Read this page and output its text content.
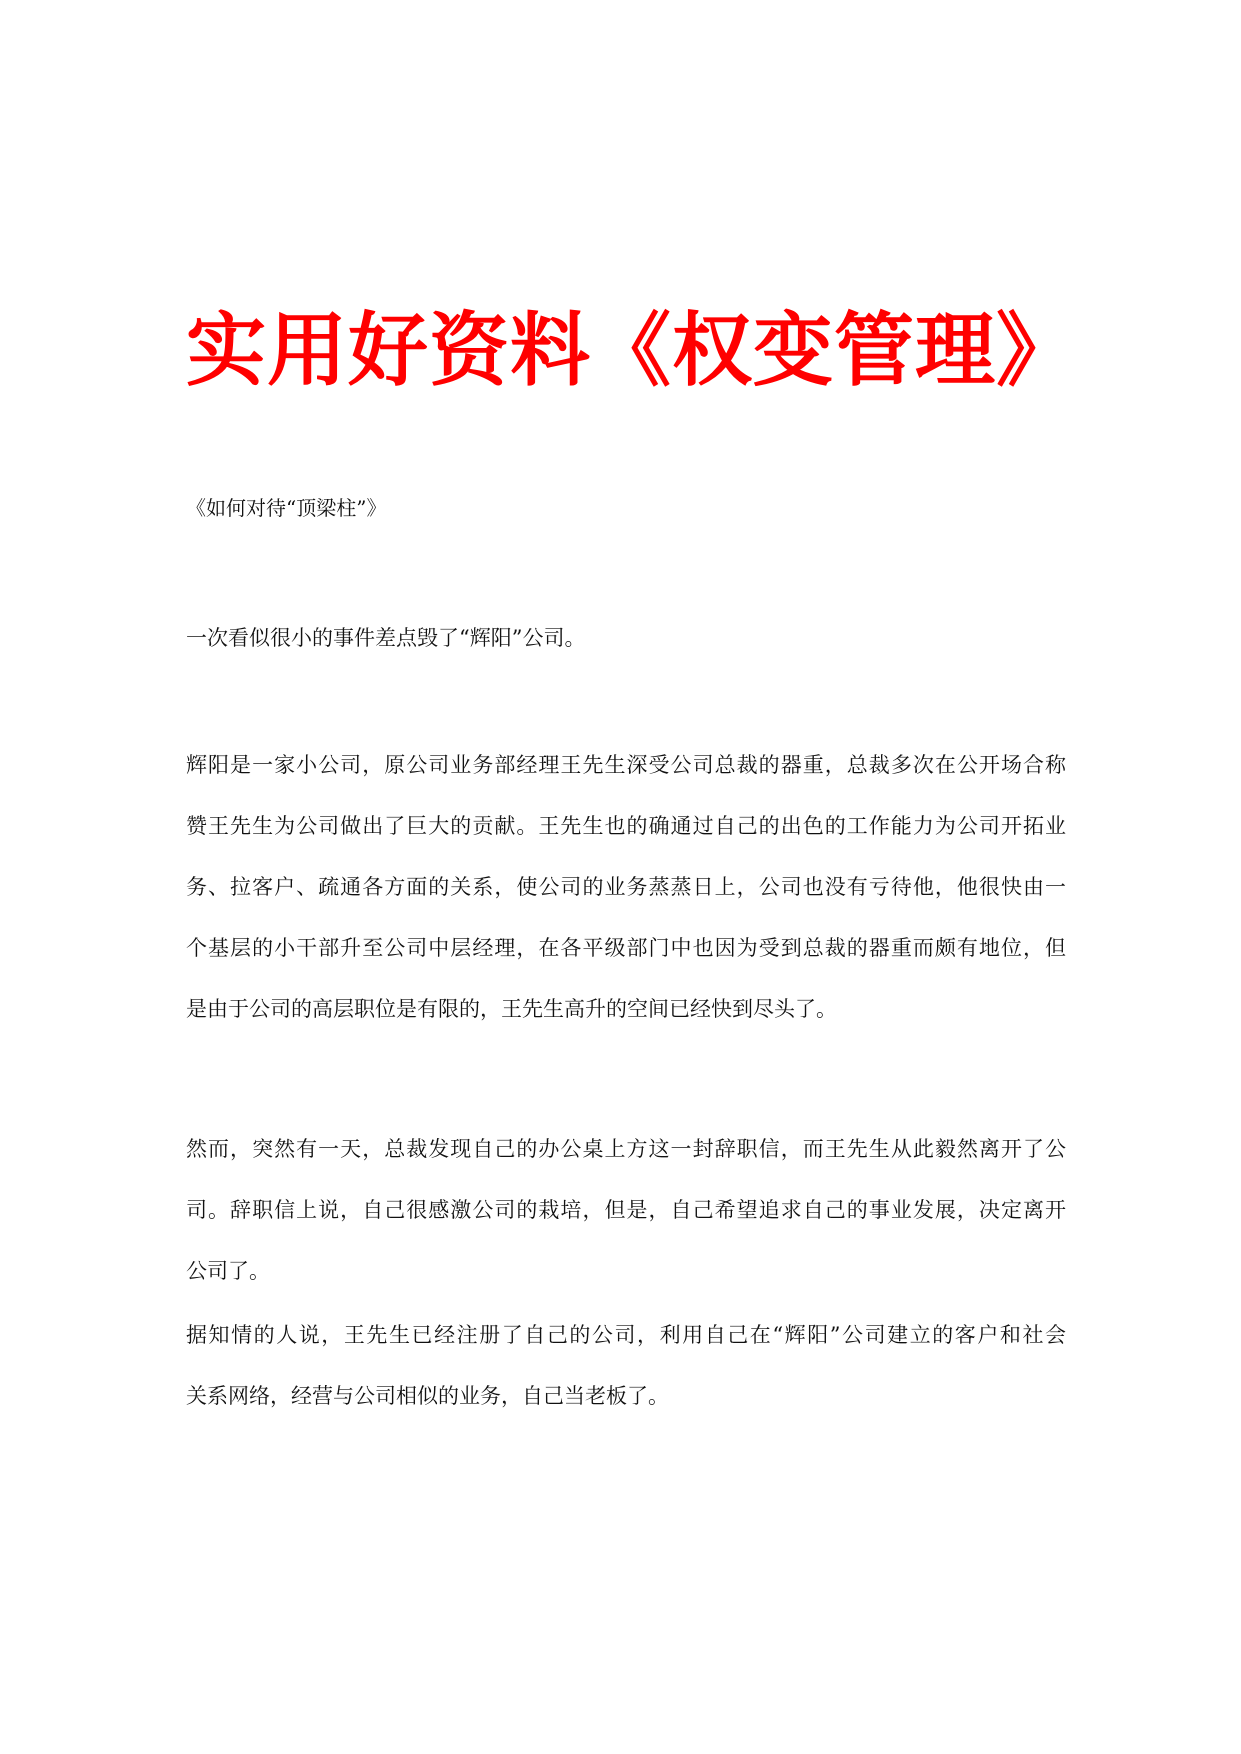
实用好资料《权变管理》
《如何对待“顶梁柱”》
一次看似很小的事件差点毁了“辉阳”公司。
辉阳是一家小公司，原公司业务部经理王先生深受公司总裁的器重，总裁多次在公开场合称
赞王先生为公司做出了巨大的贡献。王先生也的确通过自己的出色的工作能力为公司开拓业
务、拉客户、疏通各方面的关系，使公司的业务蒸蒸日上，公司也没有亏待他，他很快由一
个基层的小干部升至公司中层经理，在各平级部门中也因为受到总裁的器重而颇有地位，但
是由于公司的高层职位是有限的，王先生高升的空间已经快到尽头了。
然而，突然有一天，总裁发现自己的办公桌上方这一封辞职信，而王先生从此毅然离开了公
司。辞职信上说，自己很感激公司的栽培，但是，自己希望追求自己的事业发展，决定离开
公司了。
据知情的人说，王先生已经注册了自己的公司，利用自己在“辉阳”公司建立的客户和社会
关系网络，经营与公司相似的业务，自己当老板了。
